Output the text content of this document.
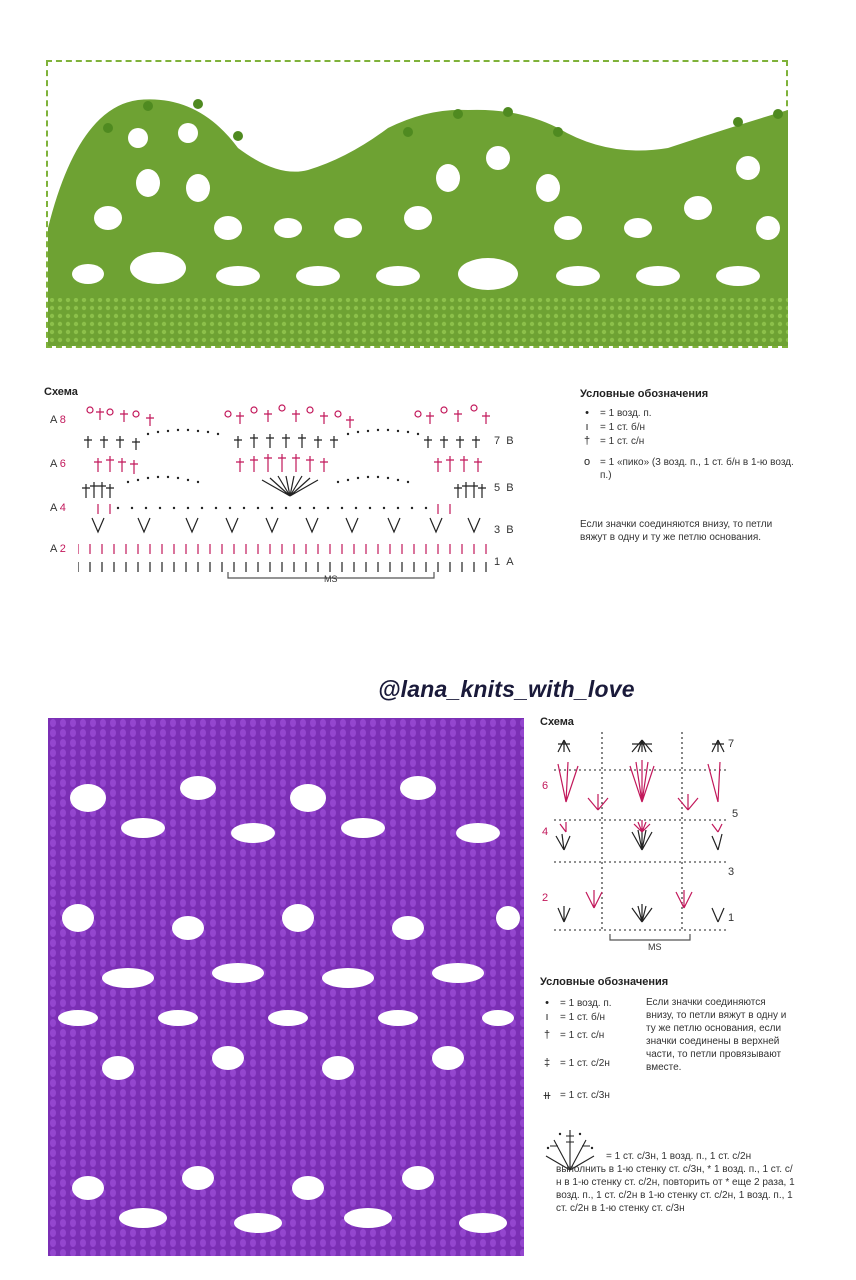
Схема
A 8
A 6
A 4
A 2
7 B
5 B
3 B
1 A
MS
Условные обозначения
•	= 1 возд. п.
ı	= 1 ст. б/н
† = 1 ст. с/н
o = 1 «пико» (3 возд. п., 1 ст. б/н в 1-ю возд. п.)
Если значки соединяются внизу, то петли вяжут в одну и ту же петлю основания.
@lana_knits_with_love
Схема
6
4
2
7
5
3
1
MS
Условные обозначения
•	= 1 возд. п.
ı	= 1 ст. б/н
† = 1 ст. с/н
‡ = 1 ст. с/2н
⧺ = 1 ст. с/3н
Если значки соединяются внизу, то петли вяжут в одну и ту же петлю основания, если значки соединены в верхней части, то петли провязывают вместе.
= 1 ст. с/3н, 1 возд. п., 1 ст. с/2н выполнить в 1-ю стенку ст. с/3н, * 1 возд. п., 1 ст. с/н в 1-ю стенку ст. с/2н, повторить от * еще 2 раза, 1 возд. п., 1 ст. с/2н в 1-ю стенку ст. с/2н, 1 возд. п., 1 ст. с/2н в 1-ю стенку ст. с/3н
